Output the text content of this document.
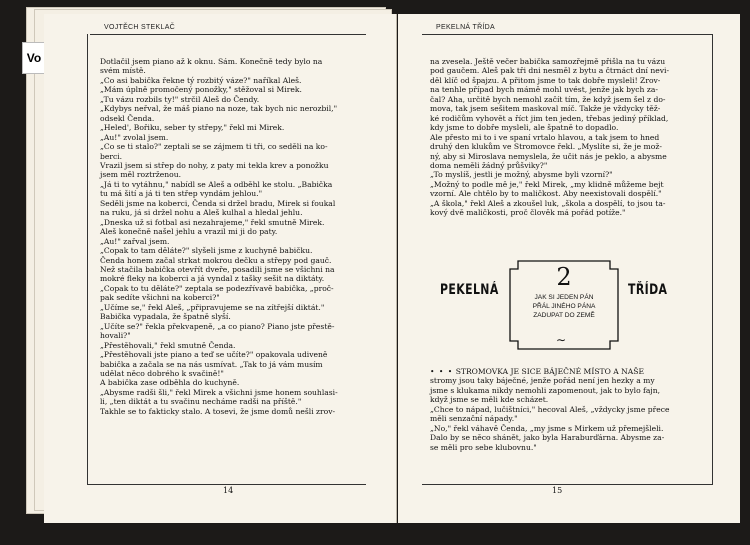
Vo
VOJTĚCH STEKLAČ	PEKELNÁ TŘÍDA
Dotlačil jsem piano až k oknu. Sám. Konečně tedy bylo na
svém místě.
„Co asi babička řekne tý rozbitý váze?" naříkal Aleš.
„Mám úplně promočený ponožky," stěžoval si Mirek.
„Tu vázu rozbils ty!" strčil Aleš do Čendy.
„Kdybys neřval, že máš piano na noze, tak bych nic nerozbil,"
odsekl Čenda.
„Heled', Bořiku, seber ty střepy," řekl mi Mirek.
„Au!" zvolal jsem.
„Co se ti stalo?" zeptali se se zájmem ti tři, co seděli na ko-
berci.
Vrazil jsem si střep do nohy, z paty mi tekla krev a ponožku
jsem měl roztrženou.
„Já ti to vytáhnu," nabídl se Aleš a odběhl ke stolu. „Babička
tu má šití a já ti ten střep vyndám jehlou."
Seděli jsme na koberci, Čenda si držel bradu, Mirek si foukal
na ruku, já si držel nohu a Aleš kulhal a hledal jehlu.
„Dneska už si fotbal asi nezahrajeme," řekl smutně Mirek.
Aleš konečně našel jehlu a vrazil mi ji do paty.
„Au!" zařval jsem.
„Copak to tam děláte?" slyšeli jsme z kuchyně babičku.
Čenda honem začal strkat mokrou dečku a střepy pod gauč.
Než stačila babička otevřít dveře, posadili jsme se všichni na
mokré fleky na koberci a já vyndal z tašky sešit na diktáty.
„Copak to tu děláte?" zeptala se podezřívavě babička, „proč-
pak sedíte všichni na koberci?"
„Učíme se," řekl Aleš, „připravujeme se na zítřejší diktát."
Babička vypadala, že špatně slyší.
„Učíte se?" řekla překvapeně, „a co piano? Piano jste přestě-
hovali?"
„Přestěhovali," řekl smutně Čenda.
„Přestěhovali jste piano a teď se učíte?" opakovala udiveně
babička a začala se na nás usmívat. „Tak to já vám musím
udělat něco dobrého k svačině!"
A babička zase odběhla do kuchyně.
„Abysme radši šli," řekl Mirek a všichni jsme honem souhlasi-
li, „ten diktát a tu svačinu necháme radši na příště."
Takhle se to fakticky stalo. A tosevi, že jsme domů nešli zrov-
na zvesela. Ještě večer babička samozřejmě přišla na tu vázu
pod gaučem. Aleš pak tři dni nesměl z bytu a čtrnáct dní nevi-
děl klíč od špajzu. A přitom jsme to tak dobře mysleli! Zrov-
na tenhle případ bych mámě mohl uvést, jenže jak bych za-
čal? Aha, určitě bych nemohl začít tím, že když jsem šel z do-
mova, tak jsem sešitem maskoval míč. Takže je vždycky těž-
ké rodičům vyhovět a říct jim ten jeden, třebas jediný příklad,
kdy jsme to dobře mysleli, ale špatně to dopadlo.
Ale přesto mi to i ve spaní vrtalo hlavou, a tak jsem to hned
druhý den klukům ve Stromovce řekl. „Myslíte si, že je mož-
ný, aby si Miroslava nemyslela, že učit nás je peklo, a abysme
doma neměli žádný průšviky?"
„To myslíš, jestli je možný, abysme byli vzorní?"
„Možný to podle mě je," řekl Mirek, „my klidně můžeme bejt
vzorní. Ale chtělo by to maličkost. Aby neexistovali dospělí."
„A škola," řekl Aleš a zkoušel luk, „škola a dospělí, to jsou ta-
kový dvě maličkosti, proč člověk má pořád potíže."
PEKELNÁ	2
JAK SI JEDEN PÁN
PŘÁL JINÉHO PÁNA
ZADUPAT DO ZEMĚ
∼
TŘÍDA
• • • STROMOVKA JE SICE BÁJEČNÉ MÍSTO A NAŠE
stromy jsou taky báječné, jenže pořád není jen hezky a my
jsme s klukama nikdy nemohli zapomenout, jak to bylo fajn,
když jsme se měli kde scházet.
„Chce to nápad, lučištníci," hecoval Aleš, „vždycky jsme přece
měli senzační nápady."
„No," řekl váhavě Čenda, „my jsme s Mirkem už přemejšleli.
Dalo by se něco shánět, jako byla Haraburďárna. Abysme za-
se měli pro sebe klubovnu."
14	15
